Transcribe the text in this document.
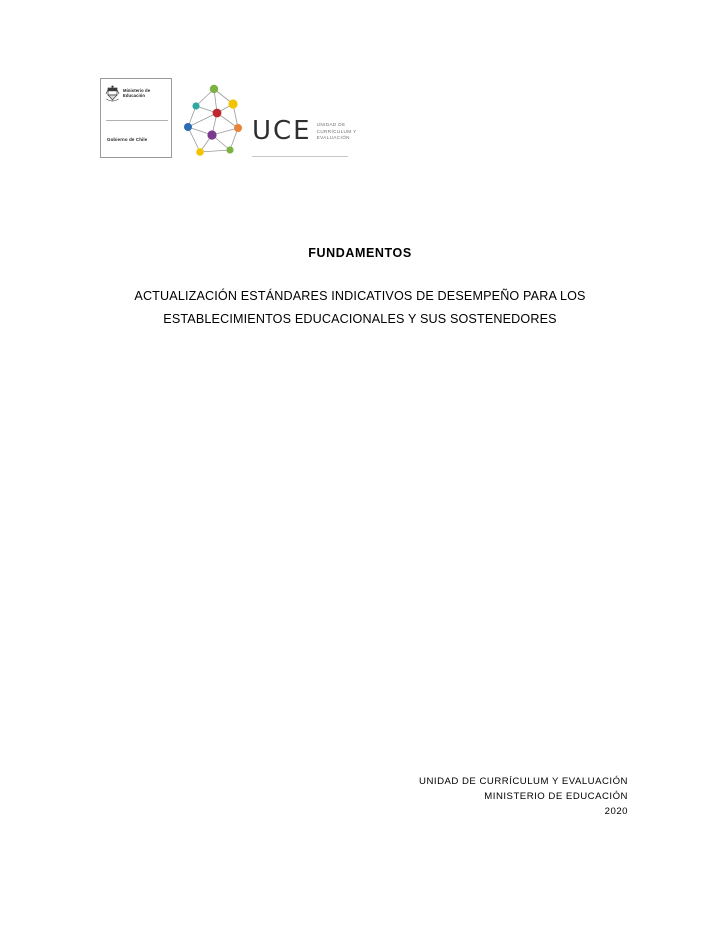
Ministerio de
Educación
Gobierno de Chile	UCE UNIDAD DE
CURRÍCULUM Y
EVALUACIÓN
FUNDAMENTOS
ACTUALIZACIÓN ESTÁNDARES INDICATIVOS DE DESEMPEÑO PARA LOS ESTABLECIMIENTOS EDUCACIONALES Y SUS SOSTENEDORES
UNIDAD DE CURRÍCULUM Y EVALUACIÓN
MINISTERIO DE EDUCACIÓN
2020
